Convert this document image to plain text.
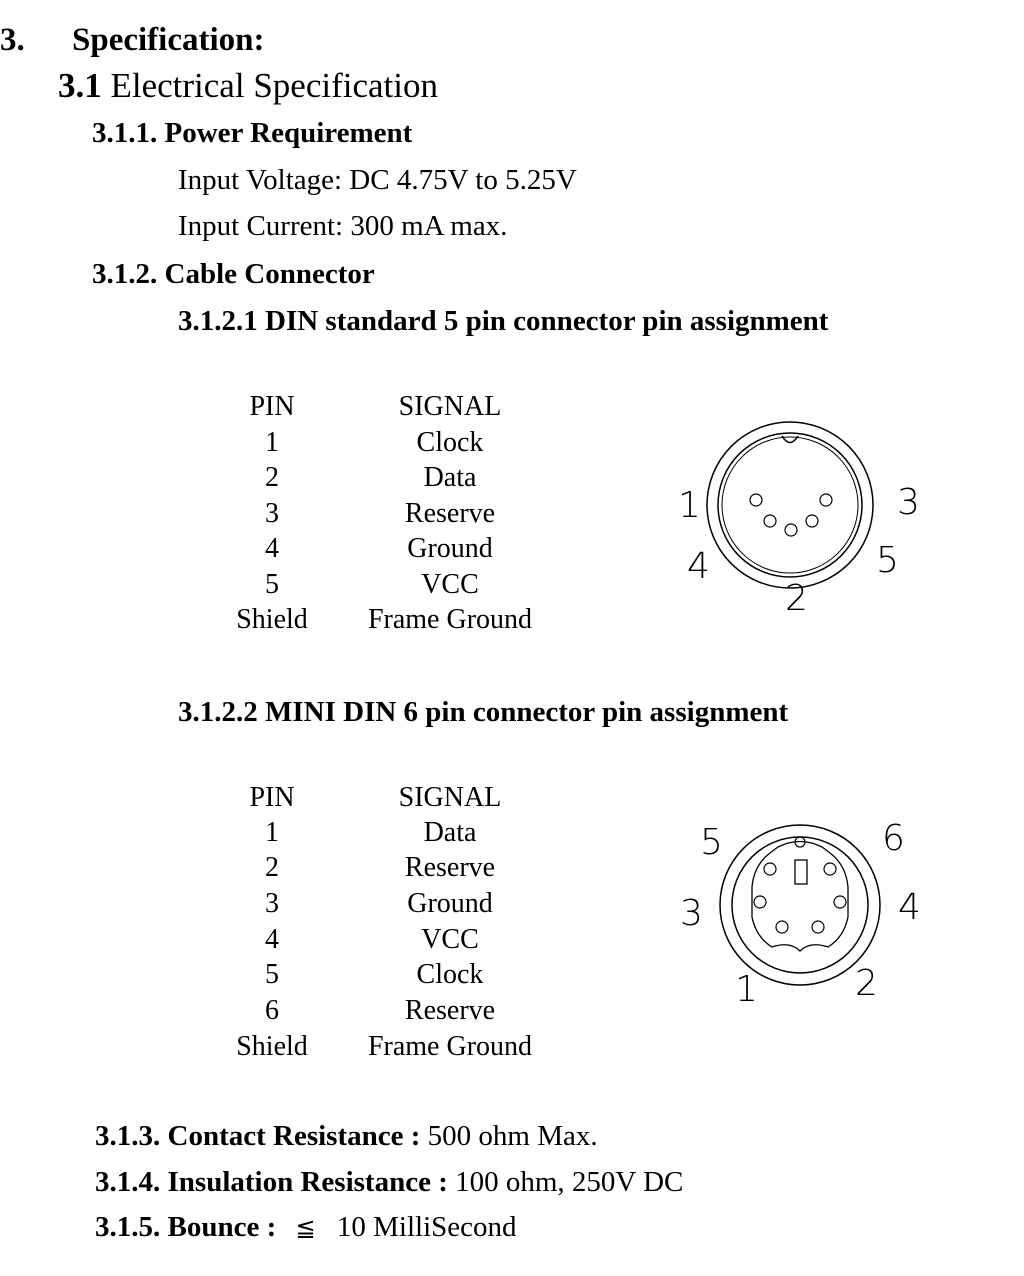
3. Specification:
3.1 Electrical Specification
3.1.1. Power Requirement
Input Voltage: DC 4.75V to 5.25V
Input Current: 300 mA max.
3.1.2. Cable Connector
3.1.2.1 DIN standard 5 pin connector pin assignment
PIN	SIGNAL
1	Clock
2	Data
3	Reserve
4	Ground
5	VCC
Shield	Frame Ground
1
2
3
4	5
3.1.2.2 MINI DIN 6 pin connector pin assignment
PIN	SIGNAL
1	Data
2	Reserve
3	Ground
4	VCC
5	Clock
6	Reserve
Shield	Frame Ground
1	2
3	4
5	6
3.1.3. Contact Resistance : 500 ohm Max.
3.1.4. Insulation Resistance : 100 ohm, 250V DC
3.1.5. Bounce : ≦ 10 MilliSecond
